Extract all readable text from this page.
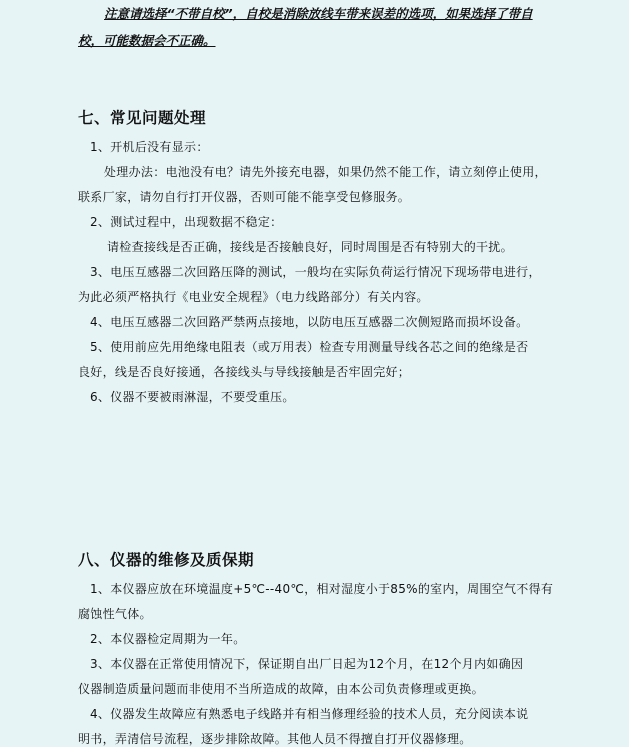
注意请选择“不带自校”，自校是消除放线车带来误差的选项，如果选择了带自
校，可能数据会不正确。
七、常见问题处理
1、开机后没有显示：
处理办法：电池没有电？请先外接充电器，如果仍然不能工作，请立刻停止使用，
联系厂家，请勿自行打开仪器，否则可能不能享受包修服务。
2、测试过程中，出现数据不稳定：
请检查接线是否正确，接线是否接触良好，同时周围是否有特别大的干扰。
3、电压互感器二次回路压降的测试，一般均在实际负荷运行情况下现场带电进行，
为此必须严格执行《电业安全规程》（电力线路部分）有关内容。
4、电压互感器二次回路严禁两点接地，以防电压互感器二次侧短路而损坏设备。
5、使用前应先用绝缘电阻表（或万用表）检查专用测量导线各芯之间的绝缘是否
良好，线是否良好接通，各接线头与导线接触是否牢固完好；
6、仪器不要被雨淋湿，不要受重压。
八、仪器的维修及质保期
1、本仪器应放在环境温度+5℃--40℃，相对湿度小于85%的室内，周围空气不得有
腐蚀性气体。
2、本仪器检定周期为一年。
3、本仪器在正常使用情况下，保证期自出厂日起为12个月，在12个月内如确因
仪器制造质量问题而非使用不当所造成的故障，由本公司负责修理或更换。
4、仪器发生故障应有熟悉电子线路并有相当修理经验的技术人员，充分阅读本说
明书，弄清信号流程，逐步排除故障。其他人员不得擅自打开仪器修理。
